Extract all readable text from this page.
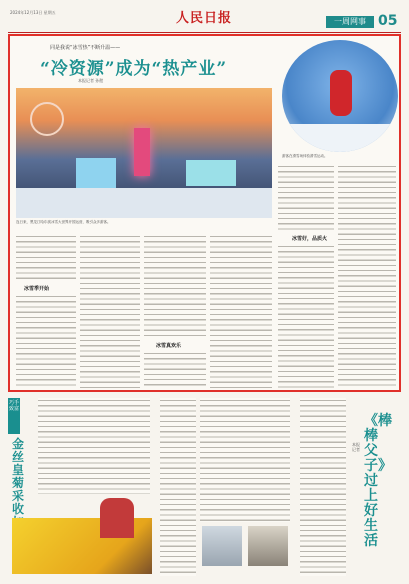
2024年12月13日 星期五	人民日报	一周网事 05
同是我说“冰雪热”不断升温——
“冷资源”成为“热产业”
本报记者 孙懿
连日来，黑龙江哈尔滨冰雪大世界开园运营，吸引众多游客。
游客在滑雪场体验滑雪运动。
冰雪季开始
冰雪真欢乐
冰雪好，品质火
巧手致富
金丝皇菊采收
本报记者
《棒棒父子》过上好生活
